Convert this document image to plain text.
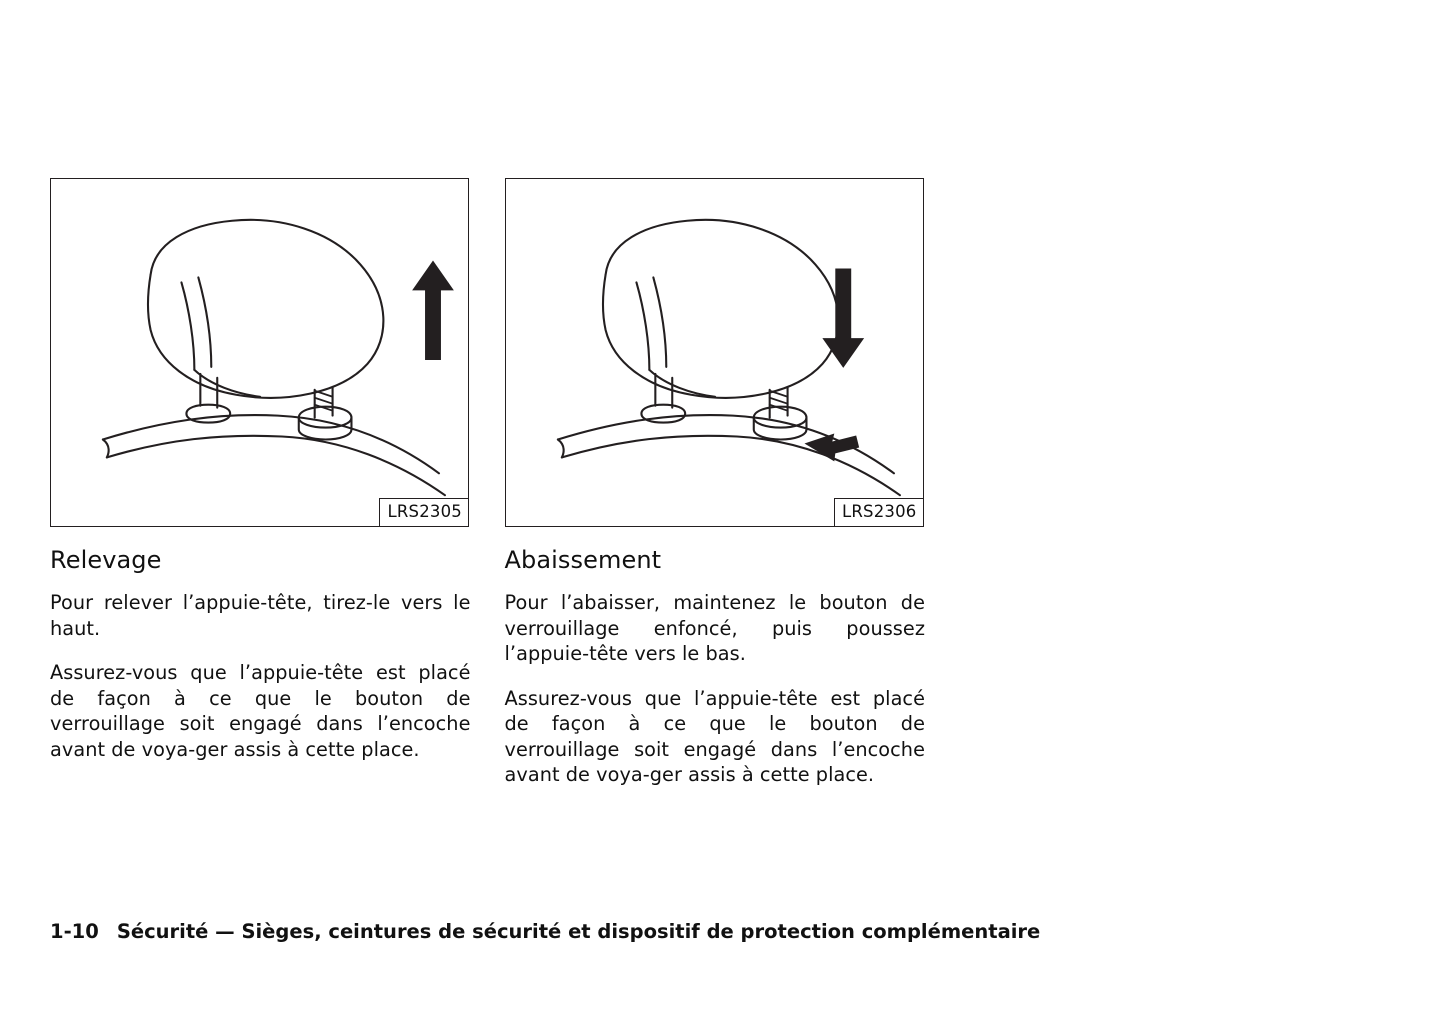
LRS2305
Relevage

Pour relever l’appuie-tête, tirez-le vers le haut.

Assurez-vous que l’appuie-tête est placé de façon à ce que le bouton de verrouillage soit engagé dans l’encoche avant de voya-ger assis à cette place.

LRS2306
Abaissement

Pour l’abaisser, maintenez le bouton de verrouillage enfoncé, puis poussez l’appuie-tête vers le bas.

Assurez-vous que l’appuie-tête est placé de façon à ce que le bouton de verrouillage soit engagé dans l’encoche avant de voya-ger assis à cette place.

1-10 Sécurité — Sièges, ceintures de sécurité et dispositif de protection complémentaire
